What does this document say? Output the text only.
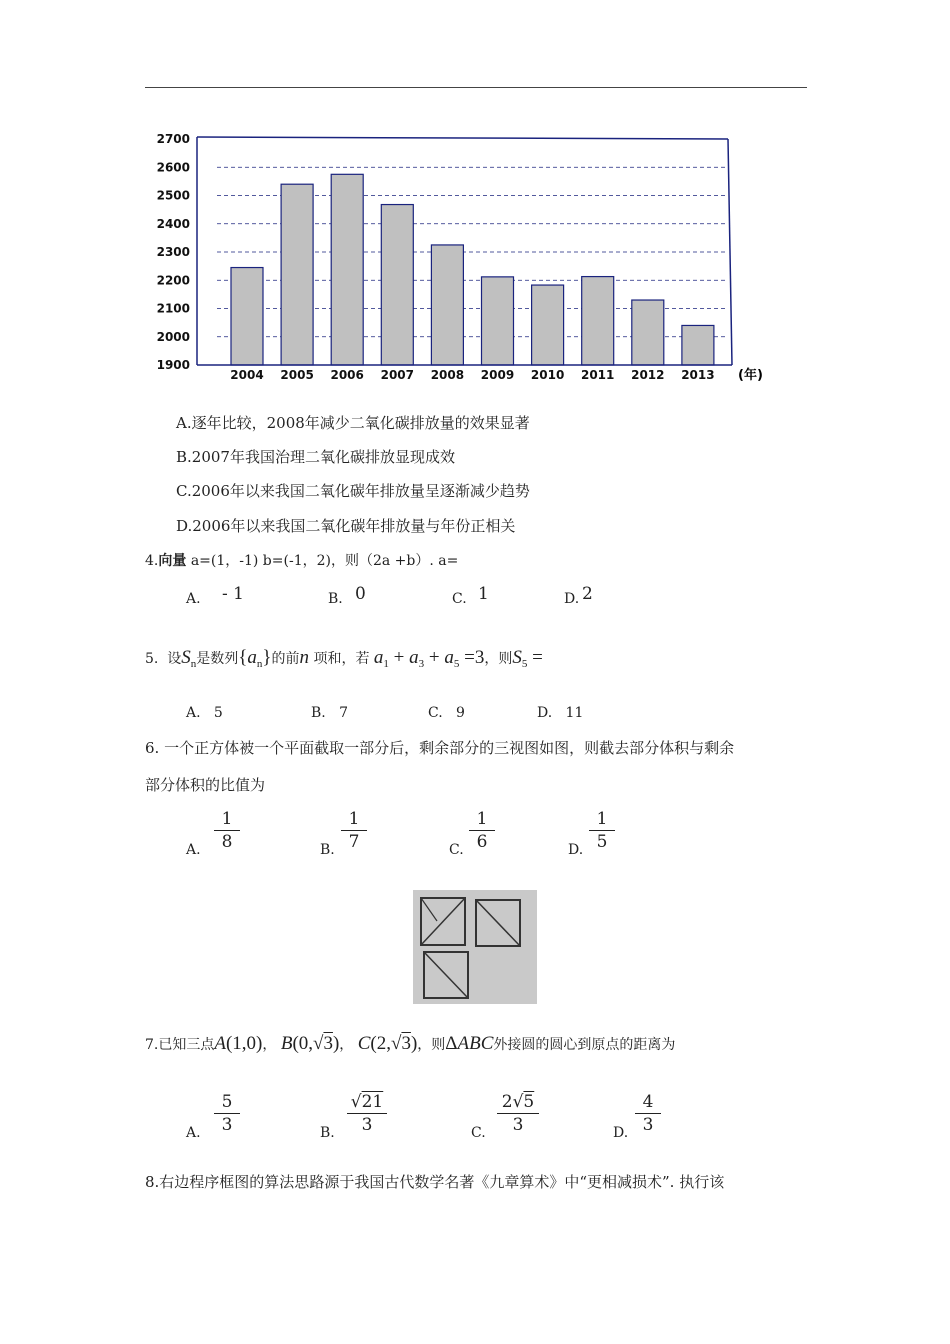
1900
2000
2100
2200
2300
2400
2500
2600
2700
2004 2005 2006 2007 2008 2009 2010 2011 2012 2013 (年)
A.逐年比较，2008年减少二氧化碳排放量的效果显著
B.2007年我国治理二氧化碳排放显现成效
C.2006年以来我国二氧化碳年排放量呈逐渐减少趋势
D.2006年以来我国二氧化碳年排放量与年份正相关
4.向量 a=(1，-1) b=(-1，2)，则（2a +b）. a=
A. - 1	B. 0	C. 1	D. 2
5. 设$S_n$是数列$\{a_n\}$的前n 项和，若 $a_1 + a_3 + a_5 =3$，则$S_5$ =
A. 5	B. 7	C. 9	D. 11
6. 一个正方体被一个平面截取一部分后，剩余部分的三视图如图，则截去部分体积与剩余
部分体积的比值为
A. $\frac{1}{8}$	B. $\frac{1}{7}$	C. $\frac{1}{6}$	D. $\frac{1}{5}$
7.已知三点A(1,0)， B(0,√3)， C(2,√3)，则ΔABC外接圆的圆心到原点的距离为
A. $\frac{5}{3}$	B. $\frac{√21}{3}$	C. $\frac{2√5}{3}$	D. $\frac{4}{3}$
8.右边程序框图的算法思路源于我国古代数学名著《九章算术》中“更相减损术”. 执行该
